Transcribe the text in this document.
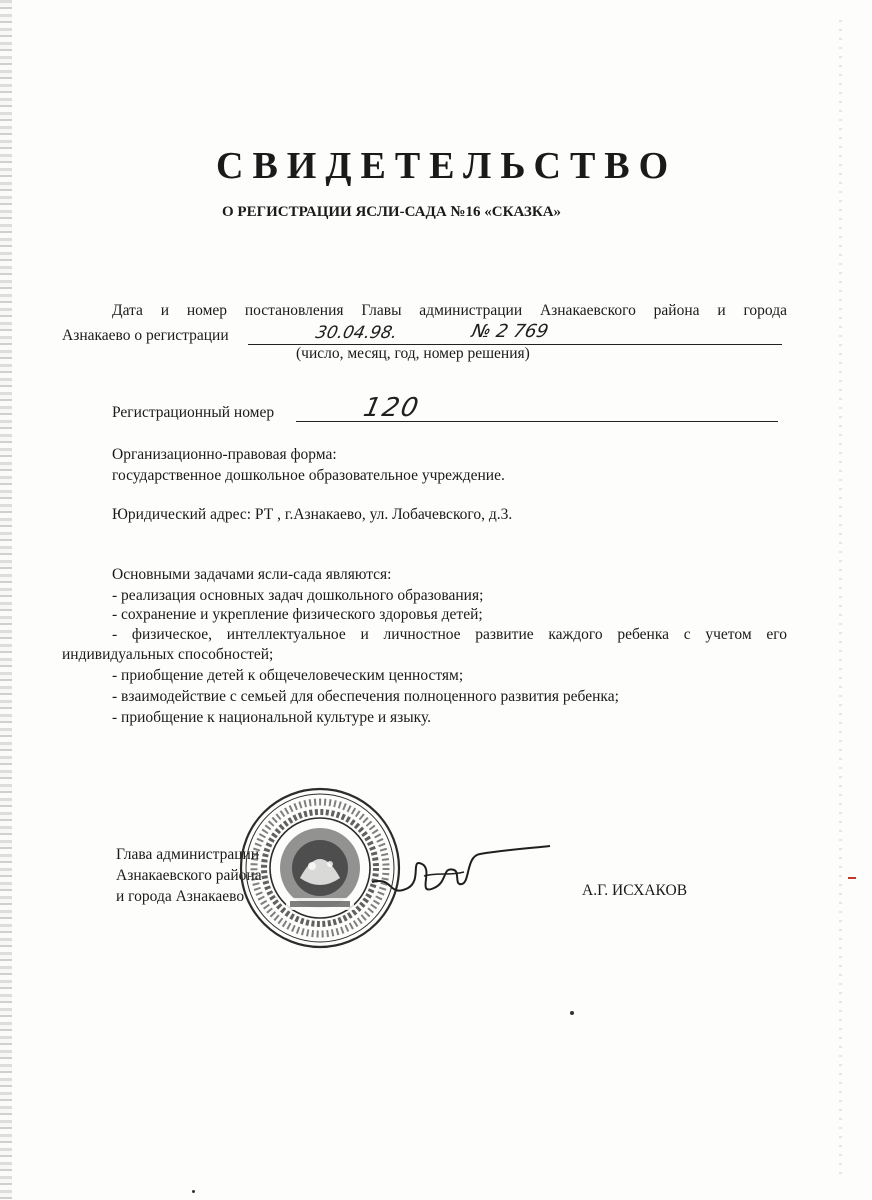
СВИДЕТЕЛЬСТВО
О РЕГИСТРАЦИИ ЯСЛИ-САДА №16 «СКАЗКА»

Дата и номер постановления Главы администрации Азнакаевского района и города

Азнакаево о регистрации	30.04.98.	№ 2 769

(число, месяц, год, номер решения)

Регистрационный номер	120

Организационно-правовая форма:

государственное дошкольное образовательное учреждение.

Юридический адрес: РТ , г.Азнакаево, ул. Лобачевского, д.3.

Основными задачами ясли-сада являются:

- реализация основных задач дошкольного образования;

- сохранение и укрепление физического здоровья детей;

- физическое, интеллектуальное и личностное развитие каждого ребенка с учетом его

индивидуальных способностей;

- приобщение детей к общечеловеческим ценностям;

- взаимодействие с семьей для обеспечения полноценного развития ребенка;

- приобщение к национальной культуре и языку.

Глава администрации

Азнакаевского района

и города Азнакаево	А.Г. ИСХАКОВ
